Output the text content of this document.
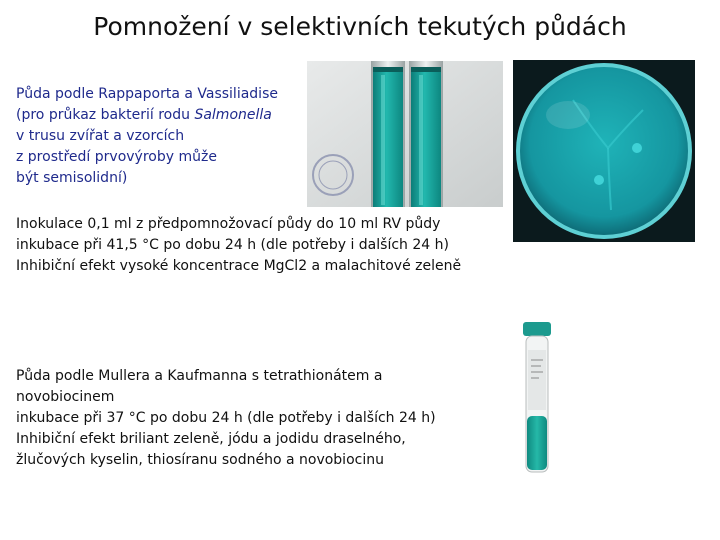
Pomnožení v selektivních tekutých půdách
Půda podle Rappaporta a Vassiliadise
(pro průkaz bakterií rodu Salmonella
v trusu zvířat a vzorcích
z prostředí prvovýroby může
být semisolidní)
Inokulace 0,1 ml z předpomnožovací půdy do 10 ml RV půdy
inkubace při 41,5 °C po dobu 24 h (dle potřeby i dalších 24 h)
Inhibiční efekt vysoké koncentrace MgCl2 a malachitové zeleně
Půda podle Mullera a Kaufmanna s tetrathionátem a
novobiocinem
inkubace při 37 °C po dobu 24 h (dle potřeby i dalších 24 h)
Inhibiční efekt briliant zeleně, jódu a jodidu draselného,
žlučových kyselin, thiosíranu sodného a novobiocinu
